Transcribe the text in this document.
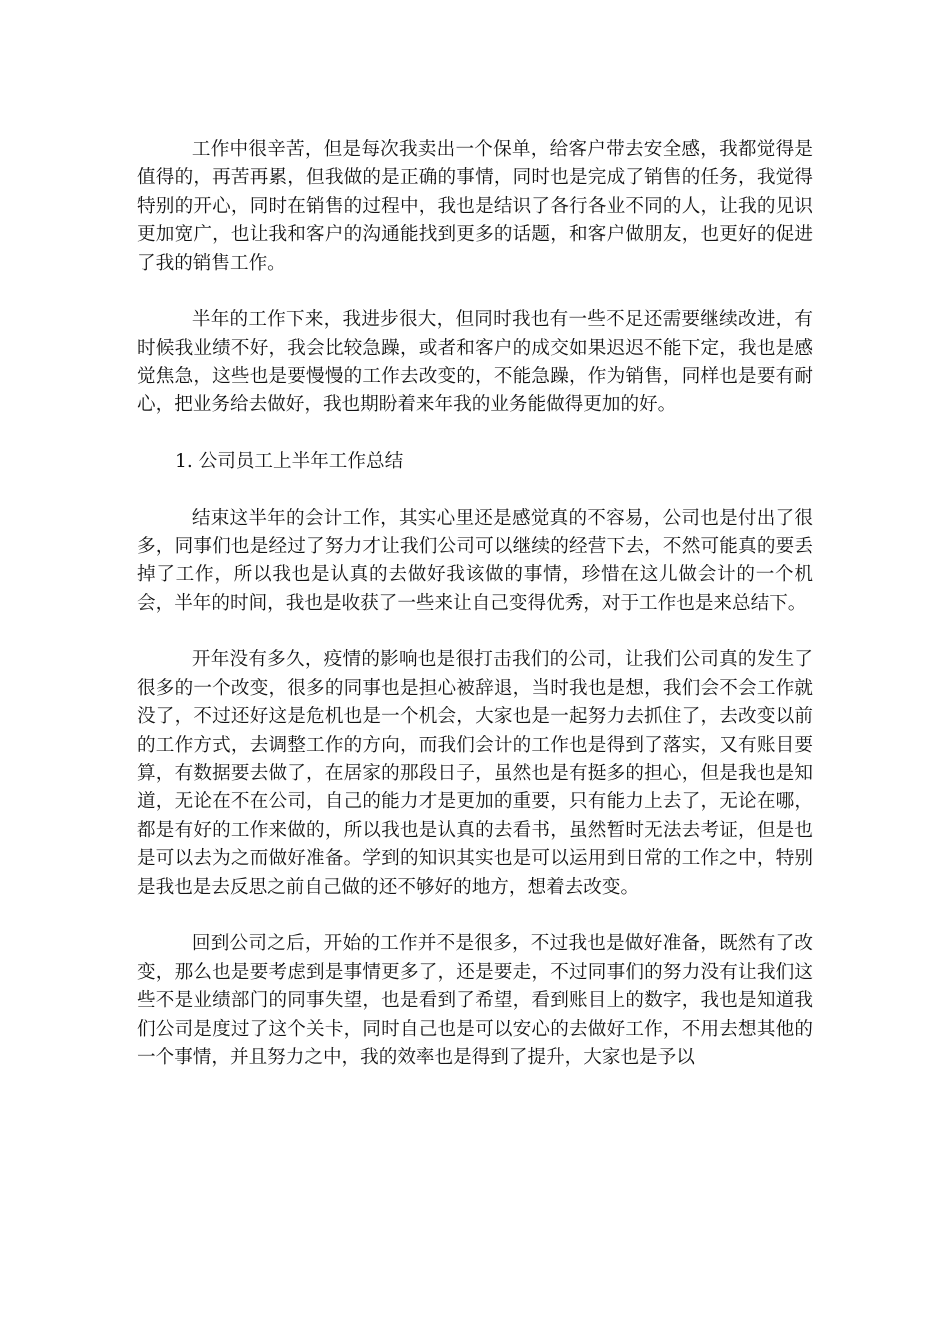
工作中很辛苦，但是每次我卖出一个保单，给客户带去安全感，我都觉得是值得的，再苦再累，但我做的是正确的事情，同时也是完成了销售的任务，我觉得特别的开心，同时在销售的过程中，我也是结识了各行各业不同的人，让我的见识更加宽广，也让我和客户的沟通能找到更多的话题，和客户做朋友，也更好的促进了我的销售工作。

半年的工作下来，我进步很大，但同时我也有一些不足还需要继续改进，有时候我业绩不好，我会比较急躁，或者和客户的成交如果迟迟不能下定，我也是感觉焦急，这些也是要慢慢的工作去改变的，不能急躁，作为销售，同样也是要有耐心，把业务给去做好，我也期盼着来年我的业务能做得更加的好。

1. 公司员工上半年工作总结

结束这半年的会计工作，其实心里还是感觉真的不容易，公司也是付出了很多，同事们也是经过了努力才让我们公司可以继续的经营下去，不然可能真的要丢掉了工作，所以我也是认真的去做好我该做的事情，珍惜在这儿做会计的一个机会，半年的时间，我也是收获了一些来让自己变得优秀，对于工作也是来总结下。

开年没有多久，疫情的影响也是很打击我们的公司，让我们公司真的发生了很多的一个改变，很多的同事也是担心被辞退，当时我也是想，我们会不会工作就没了，不过还好这是危机也是一个机会，大家也是一起努力去抓住了，去改变以前的工作方式，去调整工作的方向，而我们会计的工作也是得到了落实，又有账目要算，有数据要去做了，在居家的那段日子，虽然也是有挺多的担心，但是我也是知道，无论在不在公司，自己的能力才是更加的重要，只有能力上去了，无论在哪，都是有好的工作来做的，所以我也是认真的去看书，虽然暂时无法去考证，但是也是可以去为之而做好准备。学到的知识其实也是可以运用到日常的工作之中，特别是我也是去反思之前自己做的还不够好的地方，想着去改变。

回到公司之后，开始的工作并不是很多，不过我也是做好准备，既然有了改变，那么也是要考虑到是事情更多了，还是要走，不过同事们的努力没有让我们这些不是业绩部门的同事失望，也是看到了希望，看到账目上的数字，我也是知道我们公司是度过了这个关卡，同时自己也是可以安心的去做好工作，不用去想其他的一个事情，并且努力之中，我的效率也是得到了提升，大家也是予以
